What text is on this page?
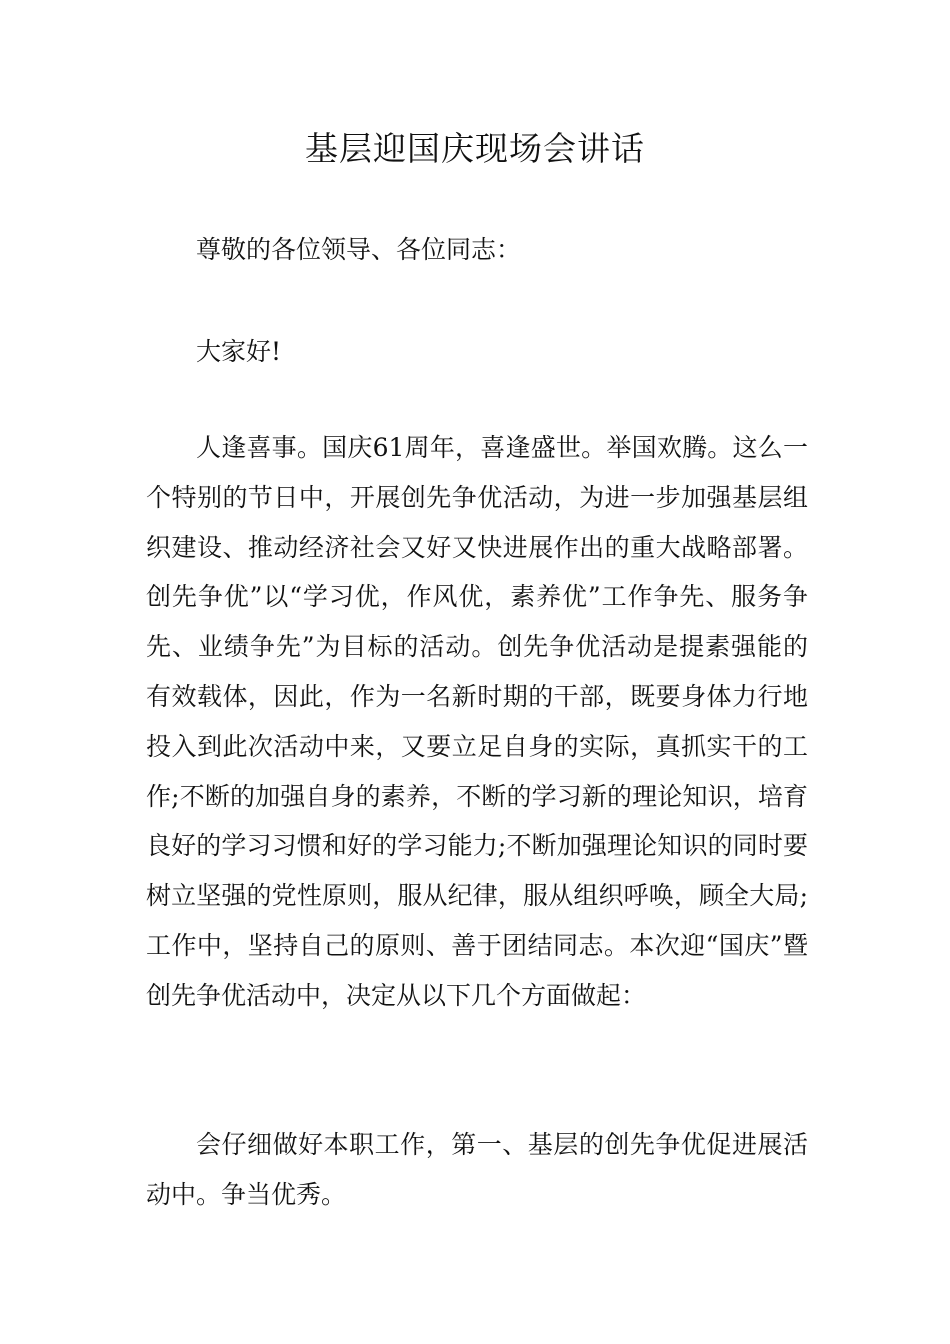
基层迎国庆现场会讲话

尊敬的各位领导、各位同志：

大家好!

人逢喜事。国庆61周年，喜逢盛世。举国欢腾。这么一个特别的节日中，开展创先争优活动，为进一步加强基层组织建设、推动经济社会又好又快进展作出的重大战略部署。创先争优”以“学习优，作风优，素养优”工作争先、服务争先、业绩争先”为目标的活动。创先争优活动是提素强能的有效载体，因此，作为一名新时期的干部，既要身体力行地投入到此次活动中来，又要立足自身的实际，真抓实干的工作;不断的加强自身的素养，不断的学习新的理论知识，培育良好的学习习惯和好的学习能力;不断加强理论知识的同时要树立坚强的党性原则，服从纪律，服从组织呼唤，顾全大局;工作中，坚持自己的原则、善于团结同志。本次迎“国庆”暨创先争优活动中，决定从以下几个方面做起：

会仔细做好本职工作，第一、基层的创先争优促进展活动中。争当优秀。
